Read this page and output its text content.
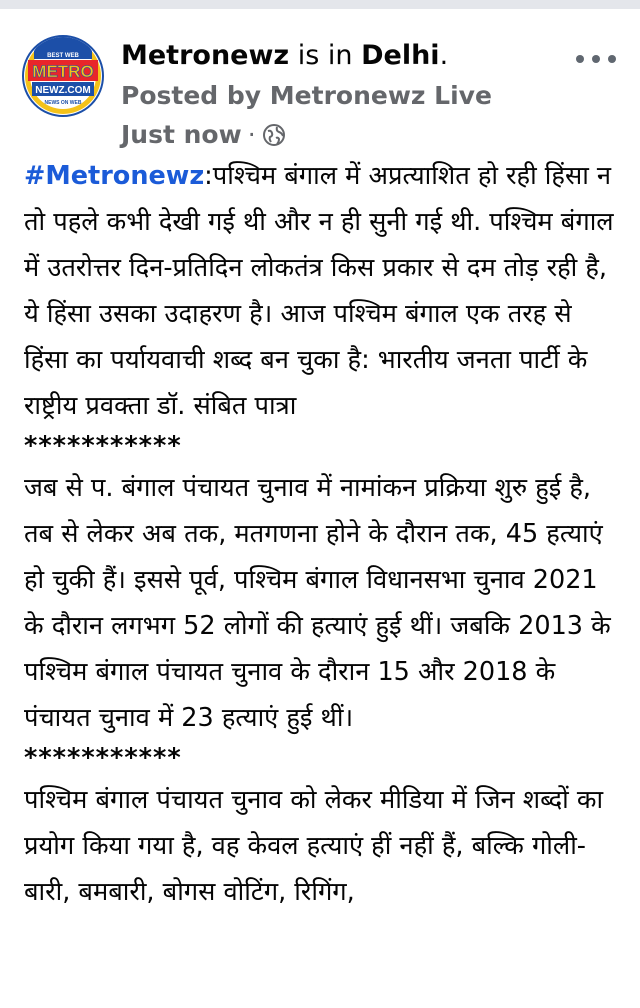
BEST WEB
METRO
NEWZ.COM
NEWS ON WEB
Metronewz is in Delhi.
Posted by Metronewz Live
Just now ·

#Metronewz:पश्चिम बंगाल में अप्रत्याशित हो रही हिंसा न तो पहले कभी देखी गई थी और न ही सुनी गई थी. पश्चिम बंगाल में उतरोत्तर दिन-प्रतिदिन लोकतंत्र किस प्रकार से दम तोड़ रही है, ये हिंसा उसका उदाहरण है। आज पश्चिम बंगाल एक तरह से हिंसा का पर्यायवाची शब्द बन चुका है: भारतीय जनता पार्टी के राष्ट्रीय प्रवक्ता डॉ. संबित पात्रा

***********

जब से प. बंगाल पंचायत चुनाव में नामांकन प्रक्रिया शुरु हुई है, तब से लेकर अब तक, मतगणना होने के दौरान तक, 45 हत्याएं हो चुकी हैं। इससे पूर्व, पश्चिम बंगाल विधानसभा चुनाव 2021 के दौरान लगभग 52 लोगों की हत्याएं हुई थीं। जबकि 2013 के पश्चिम बंगाल पंचायत चुनाव के दौरान 15 और 2018 के पंचायत चुनाव में 23 हत्याएं हुई थीं।

***********

पश्चिम बंगाल पंचायत चुनाव को लेकर मीडिया में जिन शब्दों का प्रयोग किया गया है, वह केवल हत्याएं हीं नहीं हैं, बल्कि गोली-बारी, बमबारी, बोगस वोटिंग, रिगिंग,
